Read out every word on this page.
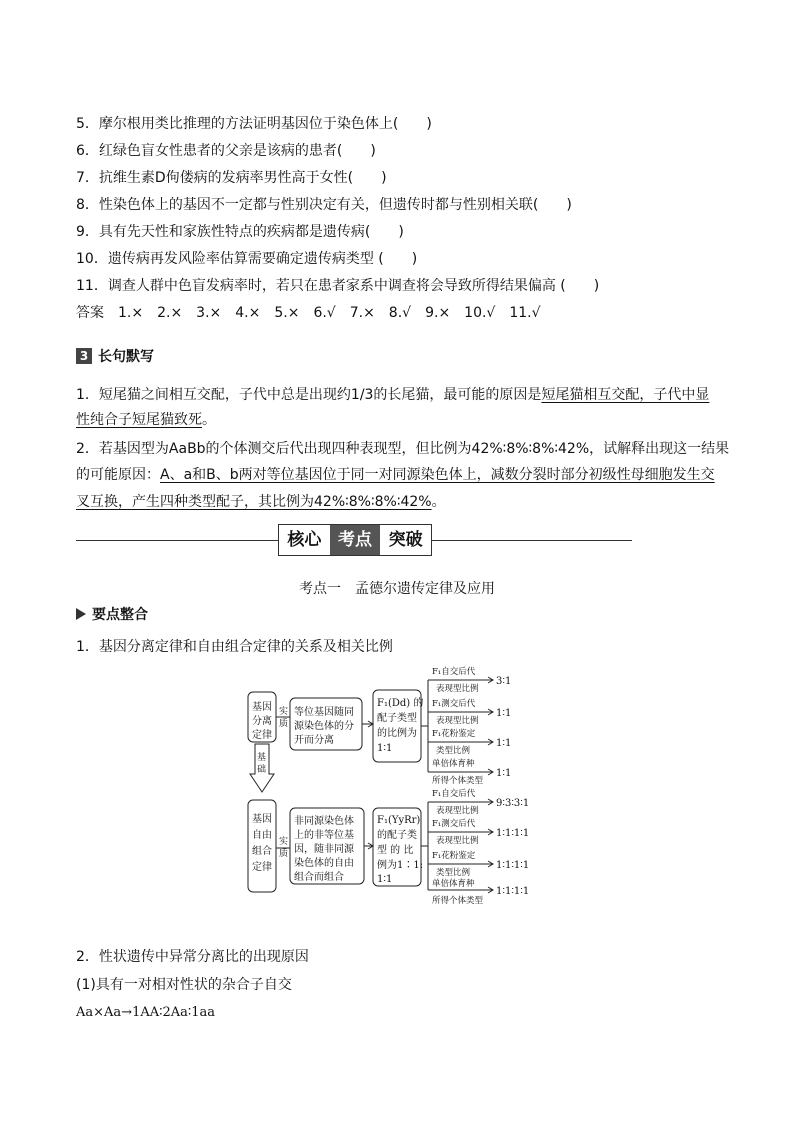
5．摩尔根用类比推理的方法证明基因位于染色体上(　　)
6．红绿色盲女性患者的父亲是该病的患者(　　)
7．抗维生素D佝偻病的发病率男性高于女性(　　)
8．性染色体上的基因不一定都与性别决定有关，但遗传时都与性别相关联(　　)
9．具有先天性和家族性特点的疾病都是遗传病(　　)
10．遗传病再发风险率估算需要确定遗传病类型 (　　)
11．调查人群中色盲发病率时，若只在患者家系中调查将会导致所得结果偏高 (　　)
答案　1.×　2.×　3.×　4.×　5.×　6.√　7.×　8.√　9.×　10.√　11.√
3 长句默写
1．短尾猫之间相互交配，子代中总是出现约1/3的长尾猫，最可能的原因是短尾猫相互交配，子代中显
性纯合子短尾猫致死。
2．若基因型为AaBb的个体测交后代出现四种表现型，但比例为42%∶8%∶8%∶42%，试解释出现这一结果
的可能原因：A、a和B、b两对等位基因位于同一对同源染色体上，减数分裂时部分初级性母细胞发生交
叉互换，产生四种类型配子，其比例为42%∶8%∶8%∶42%。
核心 考点 突破
考点一　孟德尔遗传定律及应用
要点整合
1．基因分离定律和自由组合定律的关系及相关比例
基因
分离
定律
基因
自由
组合
定律
基
础
实
质
实
质
等位基因随同
源染色体的分
开而分离
非同源染色体
上的非等位基
因，随非同源
染色体的自由
组合而组合
F₁(Dd) 的
配子类型
的比例为
1∶1
F₁(YyRr)
的配子类
型 的 比
例为1∶1:
1∶1
F₁自交后代
表现型比例
F₁测交后代
表现型比例
F₁花粉鉴定
类型比例
单倍体育种
所得个体类型
F₁自交后代
表现型比例
F₁测交后代
表现型比例
F₁花粉鉴定
类型比例
单倍体育种
所得个体类型
3∶1
1∶1
1∶1
1∶1
9∶3∶3∶1
1∶1∶1∶1
1∶1∶1∶1
1∶1∶1∶1
2．性状遗传中异常分离比的出现原因
(1)具有一对相对性状的杂合子自交
Aa×Aa→1AA∶2Aa∶1aa
